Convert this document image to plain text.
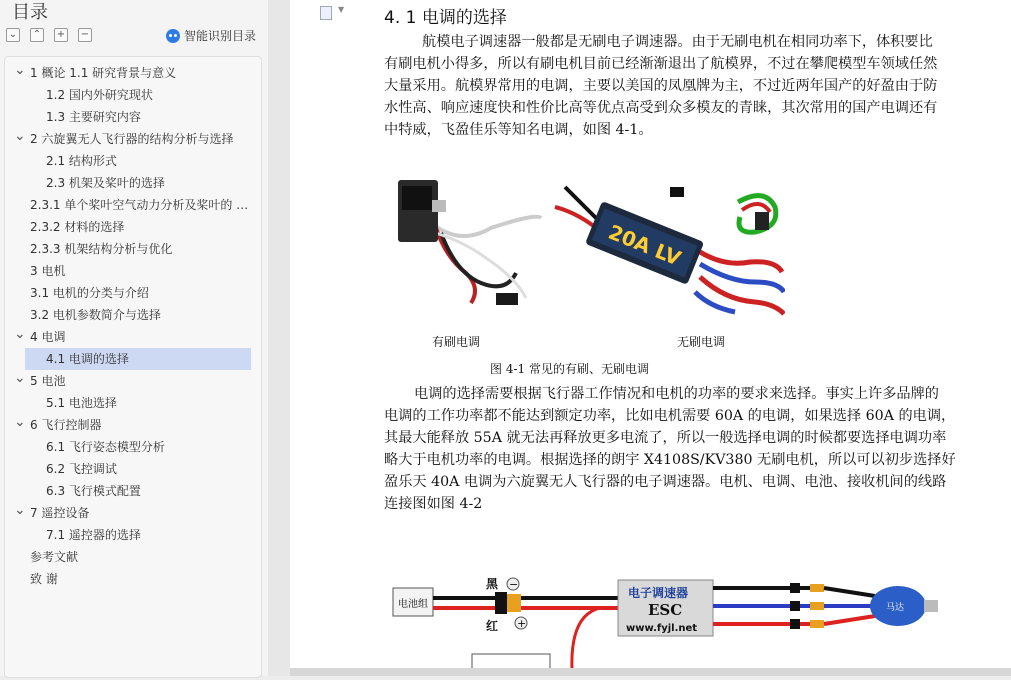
目录
⌄ ⌃ + −	智能识别目录
⌄ 1 概论 1.1 研究背景与意义
1.2 国内外研究现状
1.3 主要研究内容
⌄ 2 六旋翼无人飞行器的结构分析与选择
2.1 结构形式
2.3 机架及桨叶的选择
2.3.1 单个桨叶空气动力分析及桨叶的 …
2.3.2 材料的选择
2.3.3 机架结构分析与优化
3 电机
3.1 电机的分类与介绍
3.2 电机参数简介与选择
⌄ 4 电调
4.1 电调的选择
⌄ 5 电池
5.1 电池选择
⌄ 6 飞行控制器
6.1 飞行姿态模型分析
6.2 飞控调试
6.3 飞行模式配置
⌄ 7 遥控设备
7.1 遥控器的选择
参考文献
致 谢
▼ 4. 1 电调的选择
航模电子调速器一般都是无刷电子调速器。由于无刷电机在相同功率下，体积要比
有刷电机小得多，所以有刷电机目前已经渐渐退出了航模界，不过在攀爬模型车领域任然
大量采用。航模界常用的电调，主要以美国的凤凰牌为主，不过近两年国产的好盈由于防
水性高、响应速度快和性价比高等优点高受到众多模友的青睐，其次常用的国产电调还有
中特威，飞盈佳乐等知名电调，如图 4-1。
20A LV
有刷电调	无刷电调
图 4-1 常见的有刷、无刷电调
电调的选择需要根据飞行器工作情况和电机的功率的要求来选择。事实上许多品牌的
电调的工作功率都不能达到额定功率，比如电机需要 60A 的电调，如果选择 60A 的电调，
其最大能释放 55A 就无法再释放更多电流了，所以一般选择电调的时候都要选择电调功率
略大于电机功率的电调。根据选择的朗宇 X4108S/KV380 无刷电机，所以可以初步选择好
盈乐天 40A 电调为六旋翼无人飞行器的电子调速器。电机、电调、电池、接收机间的线路
连接图如图 4-2
电池组
黑
红
−
+
电子调速器
ESC
www.fyjl.net
马达
